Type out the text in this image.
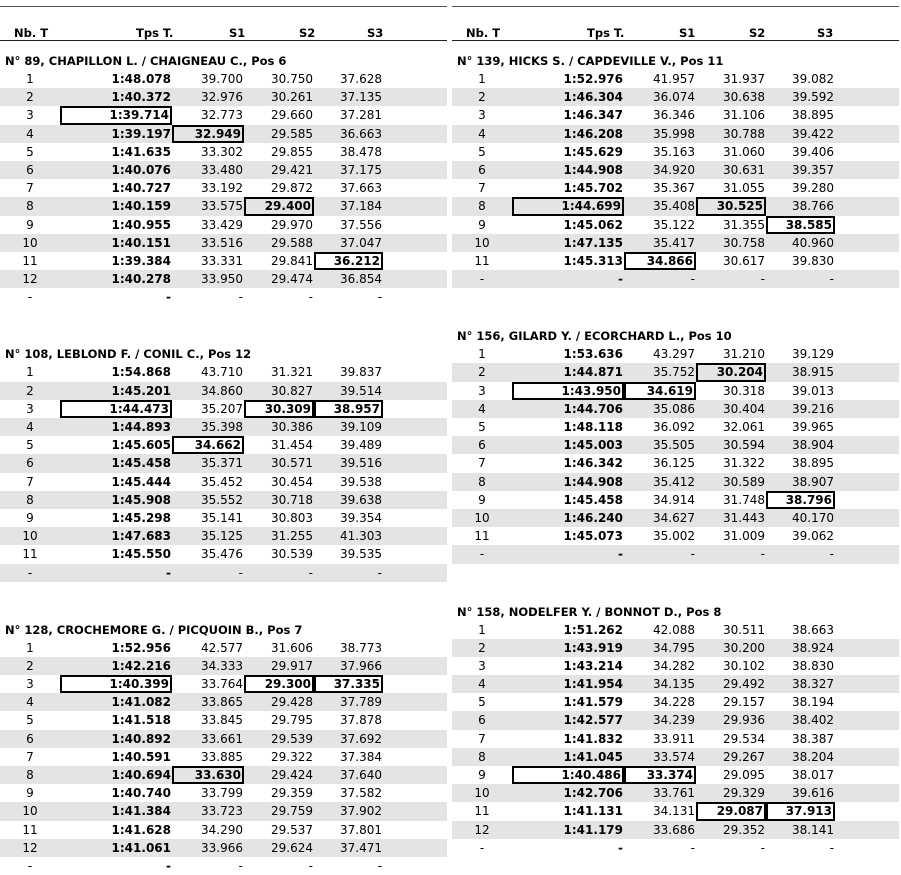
Nb. T	Tps T.	S1	S2	S3
N° 89, CHAPILLON L. / CHAIGNEAU C., Pos 6
1	1:48.078	39.700	30.750	37.628
2	1:40.372	32.976	30.261	37.135
3	1:39.714	32.773	29.660	37.281
4	1:39.197	32.949	29.585	36.663
5	1:41.635	33.302	29.855	38.478
6	1:40.076	33.480	29.421	37.175
7	1:40.727	33.192	29.872	37.663
8	1:40.159	33.575	29.400	37.184
9	1:40.955	33.429	29.970	37.556
10	1:40.151	33.516	29.588	37.047
11	1:39.384	33.331	29.841	36.212
12	1:40.278	33.950	29.474	36.854
-	-	-	-	-
N° 108, LEBLOND F. / CONIL C., Pos 12
1	1:54.868	43.710	31.321	39.837
2	1:45.201	34.860	30.827	39.514
3	1:44.473	35.207	30.309	38.957
4	1:44.893	35.398	30.386	39.109
5	1:45.605	34.662	31.454	39.489
6	1:45.458	35.371	30.571	39.516
7	1:45.444	35.452	30.454	39.538
8	1:45.908	35.552	30.718	39.638
9	1:45.298	35.141	30.803	39.354
10	1:47.683	35.125	31.255	41.303
11	1:45.550	35.476	30.539	39.535
-	-	-	-	-
N° 128, CROCHEMORE G. / PICQUOIN B., Pos 7
1	1:52.956	42.577	31.606	38.773
2	1:42.216	34.333	29.917	37.966
3	1:40.399	33.764	29.300	37.335
4	1:41.082	33.865	29.428	37.789
5	1:41.518	33.845	29.795	37.878
6	1:40.892	33.661	29.539	37.692
7	1:40.591	33.885	29.322	37.384
8	1:40.694	33.630	29.424	37.640
9	1:40.740	33.799	29.359	37.582
10	1:41.384	33.723	29.759	37.902
11	1:41.628	34.290	29.537	37.801
12	1:41.061	33.966	29.624	37.471
-	-	-	-	-
Nb. T	Tps T.	S1	S2	S3
N° 139, HICKS S. / CAPDEVILLE V., Pos 11
1	1:52.976	41.957	31.937	39.082
2	1:46.304	36.074	30.638	39.592
3	1:46.347	36.346	31.106	38.895
4	1:46.208	35.998	30.788	39.422
5	1:45.629	35.163	31.060	39.406
6	1:44.908	34.920	30.631	39.357
7	1:45.702	35.367	31.055	39.280
8	1:44.699	35.408	30.525	38.766
9	1:45.062	35.122	31.355	38.585
10	1:47.135	35.417	30.758	40.960
11	1:45.313	34.866	30.617	39.830
-	-	-	-	-
N° 156, GILARD Y. / ECORCHARD L., Pos 10
1	1:53.636	43.297	31.210	39.129
2	1:44.871	35.752	30.204	38.915
3	1:43.950	34.619	30.318	39.013
4	1:44.706	35.086	30.404	39.216
5	1:48.118	36.092	32.061	39.965
6	1:45.003	35.505	30.594	38.904
7	1:46.342	36.125	31.322	38.895
8	1:44.908	35.412	30.589	38.907
9	1:45.458	34.914	31.748	38.796
10	1:46.240	34.627	31.443	40.170
11	1:45.073	35.002	31.009	39.062
-	-	-	-	-
N° 158, NODELFER Y. / BONNOT D., Pos 8
1	1:51.262	42.088	30.511	38.663
2	1:43.919	34.795	30.200	38.924
3	1:43.214	34.282	30.102	38.830
4	1:41.954	34.135	29.492	38.327
5	1:41.579	34.228	29.157	38.194
6	1:42.577	34.239	29.936	38.402
7	1:41.832	33.911	29.534	38.387
8	1:41.045	33.574	29.267	38.204
9	1:40.486	33.374	29.095	38.017
10	1:42.706	33.761	29.329	39.616
11	1:41.131	34.131	29.087	37.913
12	1:41.179	33.686	29.352	38.141
-	-	-	-	-
